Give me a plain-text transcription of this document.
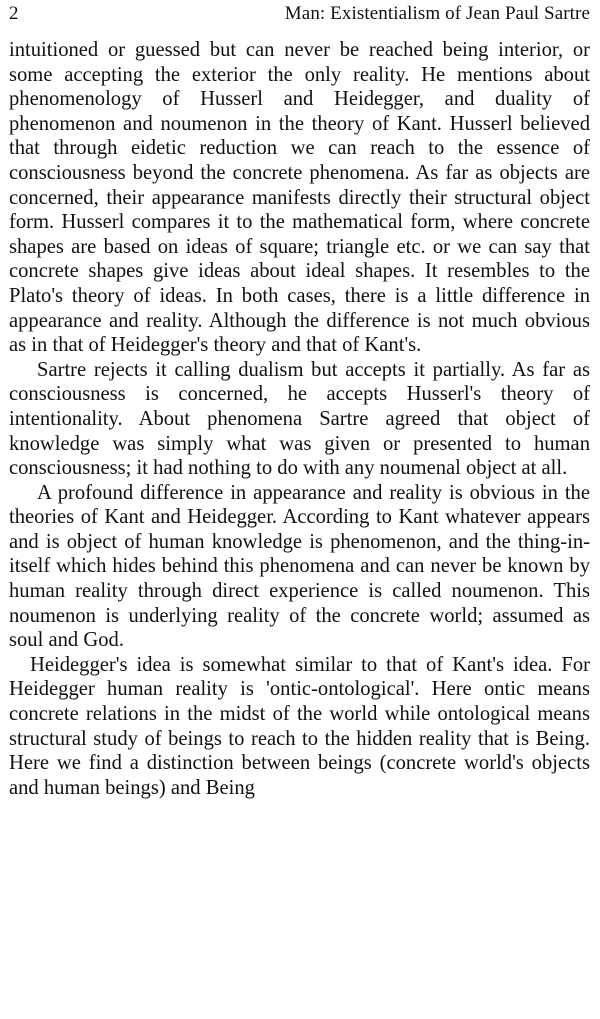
2	Man: Existentialism of Jean Paul Sartre

intuitioned or guessed but can never be reached being interior, or some accepting the exterior the only reality. He mentions about phenomenology of Husserl and Heidegger, and duality of phenomenon and noumenon in the theory of Kant. Husserl believed that through eidetic reduction we can reach to the essence of consciousness beyond the concrete phenomena. As far as objects are concerned, their appearance manifests directly their structural object form. Husserl compares it to the mathematical form, where concrete shapes are based on ideas of square; triangle etc. or we can say that concrete shapes give ideas about ideal shapes. It resembles to the Plato's theory of ideas. In both cases, there is a little difference in appearance and reality. Although the difference is not much obvious as in that of Heidegger's theory and that of Kant's.

Sartre rejects it calling dualism but accepts it partially. As far as consciousness is concerned, he accepts Husserl's theory of intentionality. About phenomena Sartre agreed that object of knowledge was simply what was given or presented to human consciousness; it had nothing to do with any noumenal object at all.

A profound difference in appearance and reality is obvious in the theories of Kant and Heidegger. According to Kant whatever appears and is object of human knowledge is phenomenon, and the thing-in-itself which hides behind this phenomena and can never be known by human reality through direct experience is called noumenon. This noumenon is underlying reality of the concrete world; assumed as soul and God.

Heidegger's idea is somewhat similar to that of Kant's idea. For Heidegger human reality is 'ontic-ontological'. Here ontic means concrete relations in the midst of the world while ontological means structural study of beings to reach to the hidden reality that is Being. Here we find a distinction between beings (concrete world's objects and human beings) and Being
